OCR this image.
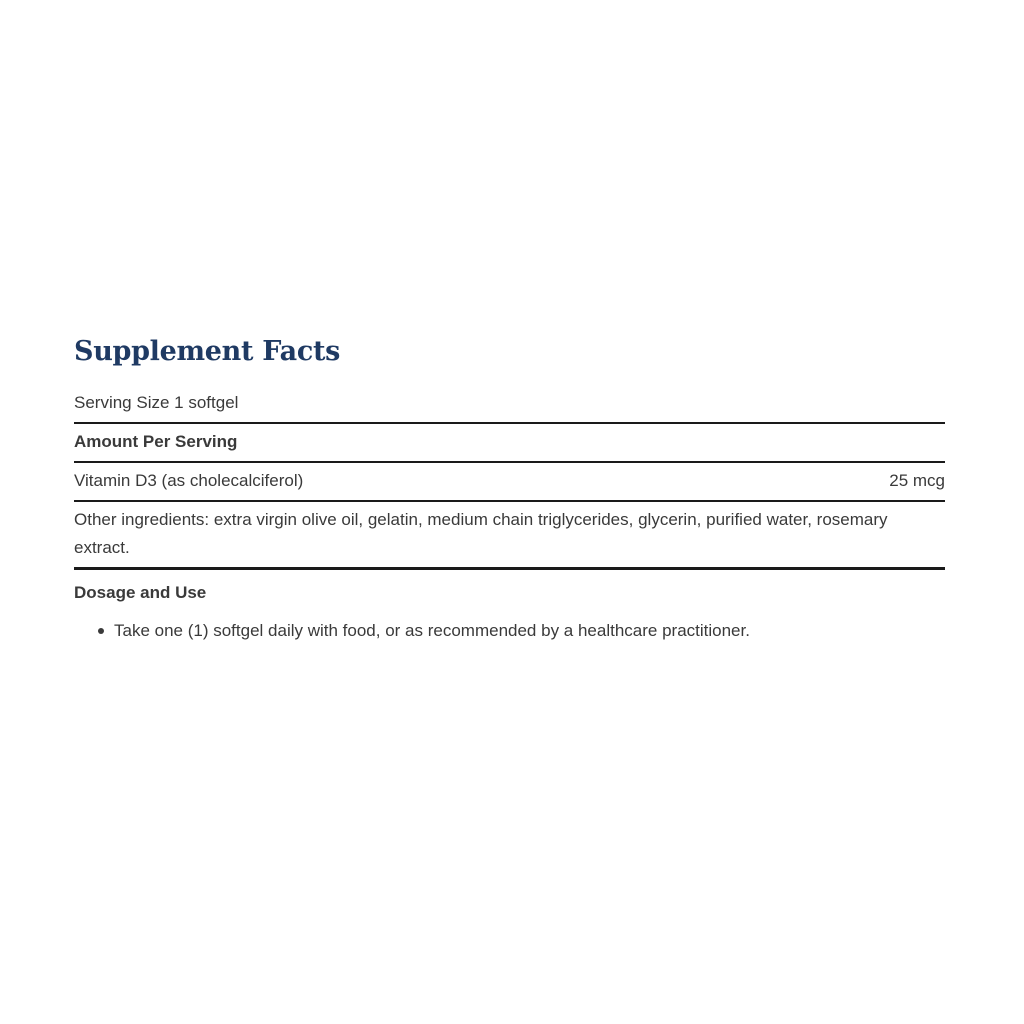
Supplement Facts
Serving Size 1 softgel
Amount Per Serving
Vitamin D3 (as cholecalciferol)	25 mcg
Other ingredients: extra virgin olive oil, gelatin, medium chain triglycerides, glycerin, purified water, rosemary extract.
Dosage and Use
Take one (1) softgel daily with food, or as recommended by a healthcare practitioner.
